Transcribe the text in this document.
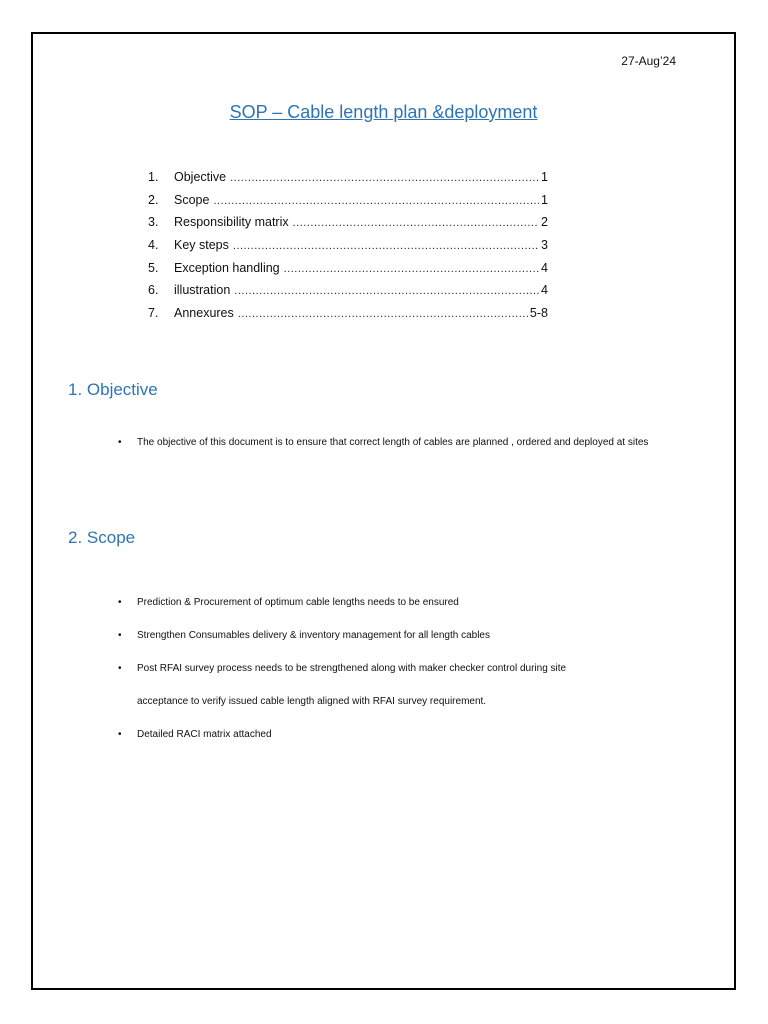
27-Aug’24
SOP – Cable length plan &deployment
1.	Objective .....	1
2.	Scope .....	1
3.	Responsibility matrix .....	2
4.	Key steps .....	3
5.	Exception handling .....	4
6.	illustration .....	4
7.	Annexures .....	5-8
1. Objective
• The objective of this document is to ensure that correct length of cables are planned , ordered and deployed at sites
2. Scope
• Prediction & Procurement of optimum cable lengths needs to be ensured
• Strengthen Consumables delivery & inventory management for all length cables
• Post RFAI survey process needs to be strengthened along with maker checker control during site
acceptance to verify issued cable length aligned with RFAI survey requirement.
• Detailed RACI matrix attached
